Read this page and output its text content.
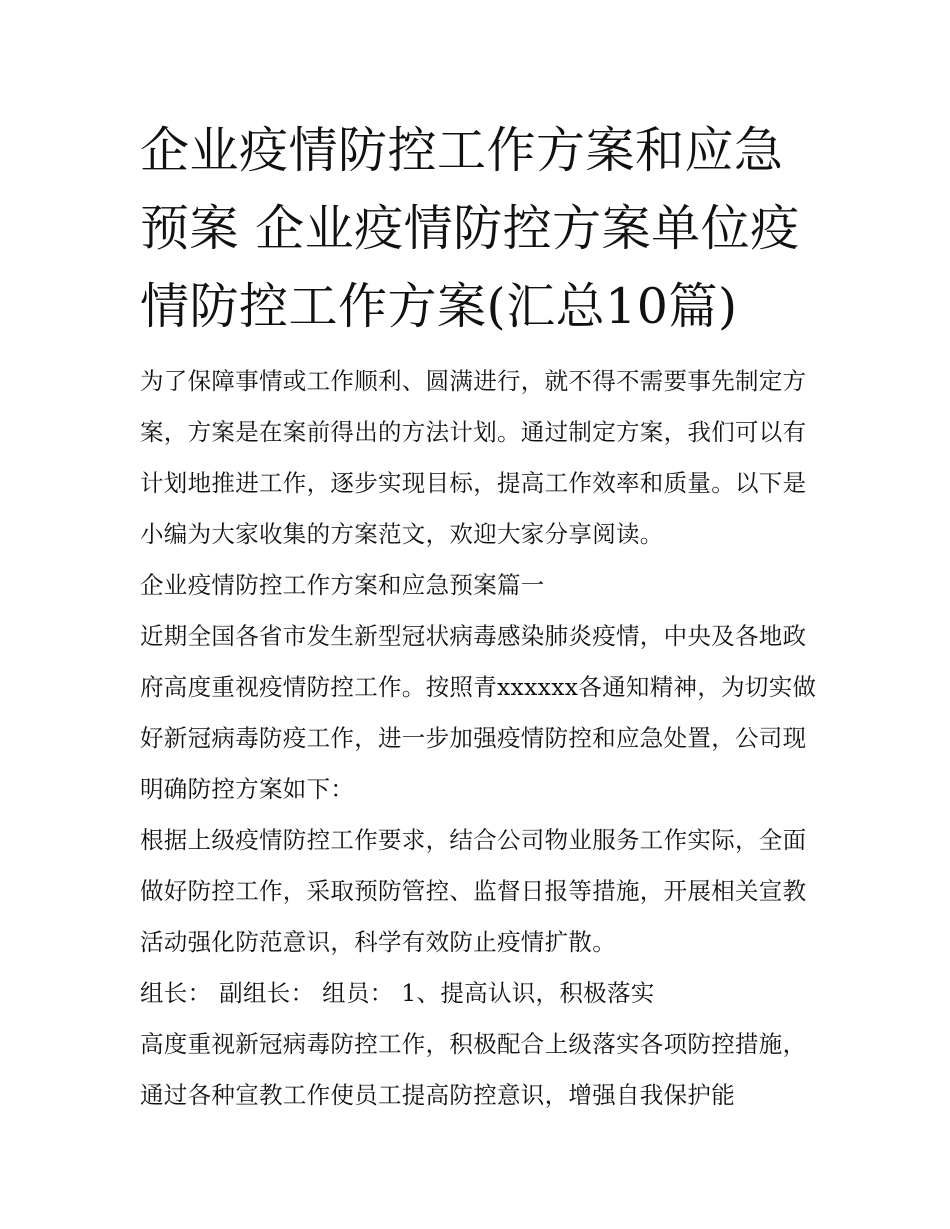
企业疫情防控工作方案和应急预案 企业疫情防控方案单位疫情防控工作方案(汇总10篇)

为了保障事情或工作顺利、圆满进行，就不得不需要事先制定方案，方案是在案前得出的方法计划。通过制定方案，我们可以有计划地推进工作，逐步实现目标，提高工作效率和质量。以下是小编为大家收集的方案范文，欢迎大家分享阅读。

企业疫情防控工作方案和应急预案篇一

近期全国各省市发生新型冠状病毒感染肺炎疫情，中央及各地政府高度重视疫情防控工作。按照青xxxxxx各通知精神，为切实做好新冠病毒防疫工作，进一步加强疫情防控和应急处置，公司现明确防控方案如下：

根据上级疫情防控工作要求，结合公司物业服务工作实际，全面做好防控工作，采取预防管控、监督日报等措施，开展相关宣教活动强化防范意识，科学有效防止疫情扩散。

组长： 副组长： 组员： 1、提高认识，积极落实

高度重视新冠病毒防控工作，积极配合上级落实各项防控措施，通过各种宣教工作使员工提高防控意识，增强自我保护能
